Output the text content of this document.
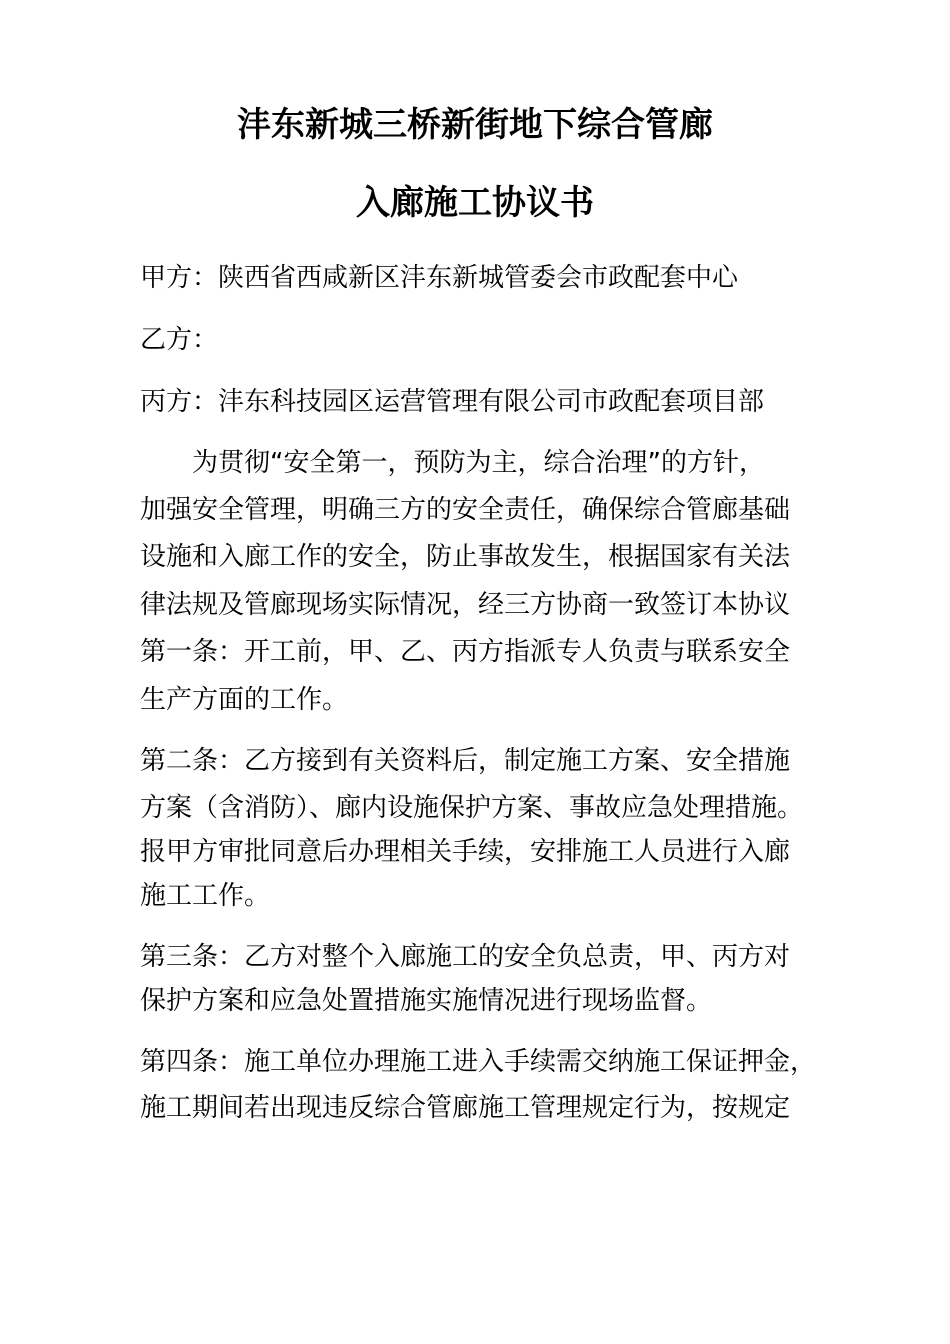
沣东新城三桥新街地下综合管廊
入廊施工协议书
甲方：陕西省西咸新区沣东新城管委会市政配套中心
乙方：
丙方：沣东科技园区运营管理有限公司市政配套项目部
为贯彻“安全第一，预防为主，综合治理”的方针，
加强安全管理，明确三方的安全责任，确保综合管廊基础
设施和入廊工作的安全，防止事故发生，根据国家有关法
律法规及管廊现场实际情况，经三方协商一致签订本协议
第一条：开工前，甲、乙、丙方指派专人负责与联系安全
生产方面的工作。
第二条：乙方接到有关资料后，制定施工方案、安全措施
方案（含消防）、廊内设施保护方案、事故应急处理措施。
报甲方审批同意后办理相关手续，安排施工人员进行入廊
施工工作。
第三条：乙方对整个入廊施工的安全负总责，甲、丙方对
保护方案和应急处置措施实施情况进行现场监督。
第四条：施工单位办理施工进入手续需交纳施工保证押金，
施工期间若出现违反综合管廊施工管理规定行为，按规定
